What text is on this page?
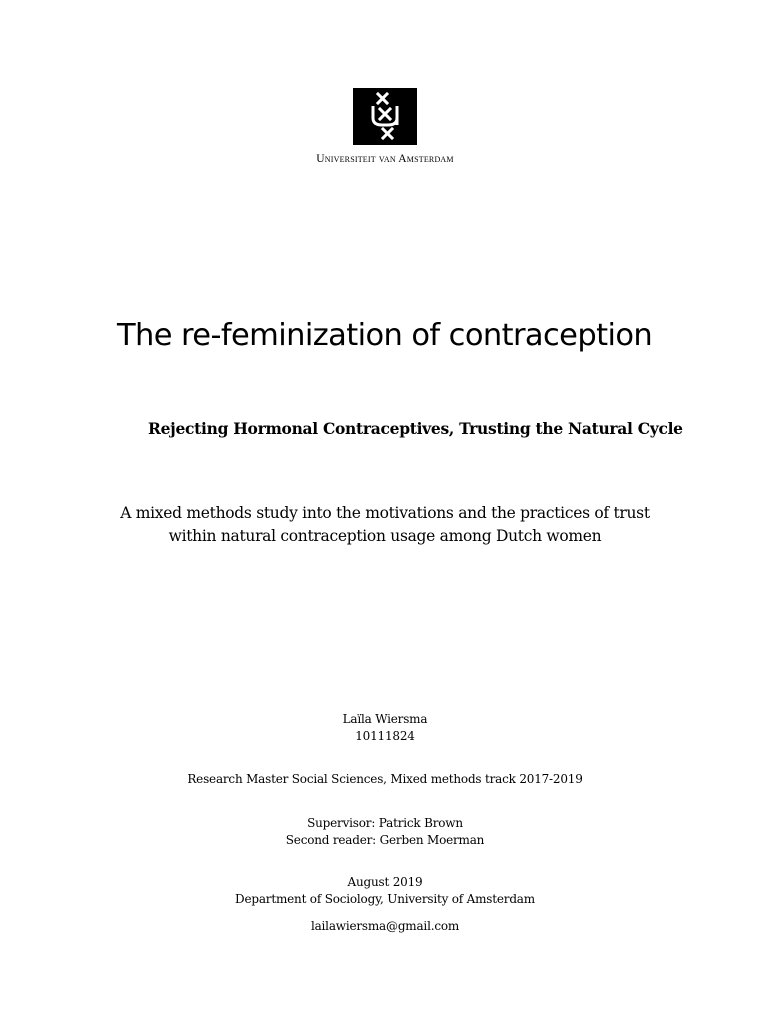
Universiteit van Amsterdam
The re-feminization of contraception
Rejecting Hormonal Contraceptives, Trusting the Natural Cycle
A mixed methods study into the motivations and the practices of trust
within natural contraception usage among Dutch women
Laïla Wiersma
10111824
Research Master Social Sciences, Mixed methods track 2017-2019
Supervisor: Patrick Brown
Second reader: Gerben Moerman
August 2019
Department of Sociology, University of Amsterdam
lailawiersma@gmail.com
